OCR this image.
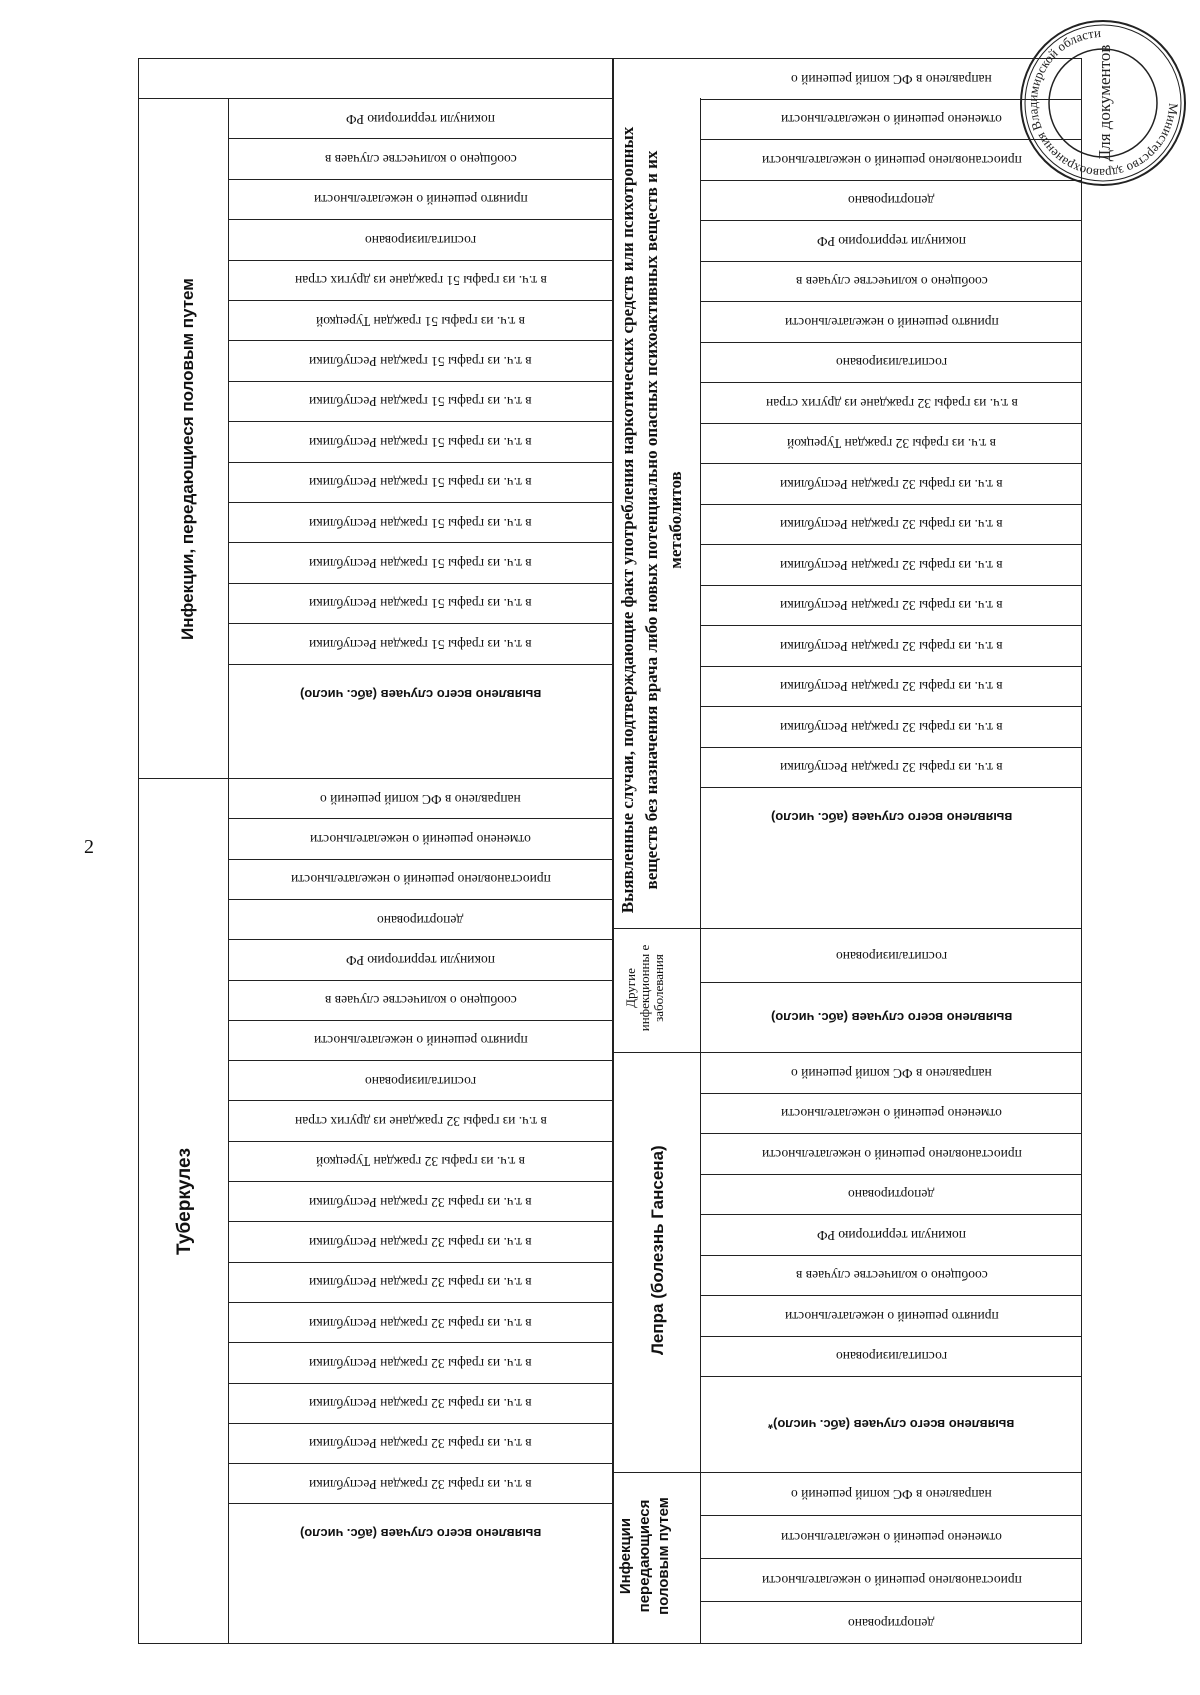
2
Инфекции, передающиеся половым путем
Туберкулез
покинули территорию РФ
сообщено о количестве случаев в
принято решений о нежелательности
госпитализировано
в т.ч. из графы 51 граждане из других стран
в т.ч. из графы 51 граждан Турецкой
в т.ч. из графы 51 граждан Республики
в т.ч. из графы 51 граждан Республики
в т.ч. из графы 51 граждан Республики
в т.ч. из графы 51 граждан Республики
в т.ч. из графы 51 граждан Республики
в т.ч. из графы 51 граждан Республики
в т.ч. из графы 51 граждан Республики
в т.ч. из графы 51 граждан Республики
выявлено всего случаев (абс. число)
направлено в ФС копий решений о
отменено решений о нежелательности
приостановлено решений о нежелательности
депортировано
покинули территорию РФ
сообщено о количестве случаев в
принято решений о нежелательности
госпитализировано
в т.ч. из графы 32 граждане из других стран
в т.ч. из графы 32 граждан Турецкой
в т.ч. из графы 32 граждан Республики
в т.ч. из графы 32 граждан Республики
в т.ч. из графы 32 граждан Республики
в т.ч. из графы 32 граждан Республики
в т.ч. из графы 32 граждан Республики
в т.ч. из графы 32 граждан Республики
в т.ч. из графы 32 граждан Республики
в т.ч. из графы 32 граждан Республики
выявлено всего случаев (абс. число)
Выявленные случаи, подтверждающие факт употребления наркотических средств или психотропных веществ без назначения врача либо новых потенциально опасных психоактивных веществ и их метаболитов
Другие инфекционны е заболевания
Лепра (болезнь Гансена)
Инфекции передающиеся половым путем
направлено в ФС копий решений о
отменено решений о нежелательности
приостановлено решений о нежелательности
депортировано
покинули территорию РФ
сообщено о количестве случаев в
принято решений о нежелательности
госпитализировано
в т.ч. из графы 32 граждане из других стран
в т.ч. из графы 32 граждан Турецкой
в т.ч. из графы 32 граждан Республики
в т.ч. из графы 32 граждан Республики
в т.ч. из графы 32 граждан Республики
в т.ч. из графы 32 граждан Республики
в т.ч. из графы 32 граждан Республики
в т.ч. из графы 32 граждан Республики
в т.ч. из графы 32 граждан Республики
в т.ч. из графы 32 граждан Республики
выявлено всего случаев (абс. число)
госпитализировано
выявлено всего случаев (абс. число)
направлено в ФС копий решений о
отменено решений о нежелательности
приостановлено решений о нежелательности
депортировано
покинули территорию РФ
сообщено о количестве случаев в
принято решений о нежелательности
госпитализировано
выявлено всего случаев (абс. число)*
направлено в ФС копий решений о
отменено решений о нежелательности
приостановлено решений о нежелательности
депортировано
Министерство здравоохранения Владимирской области
Для документов
